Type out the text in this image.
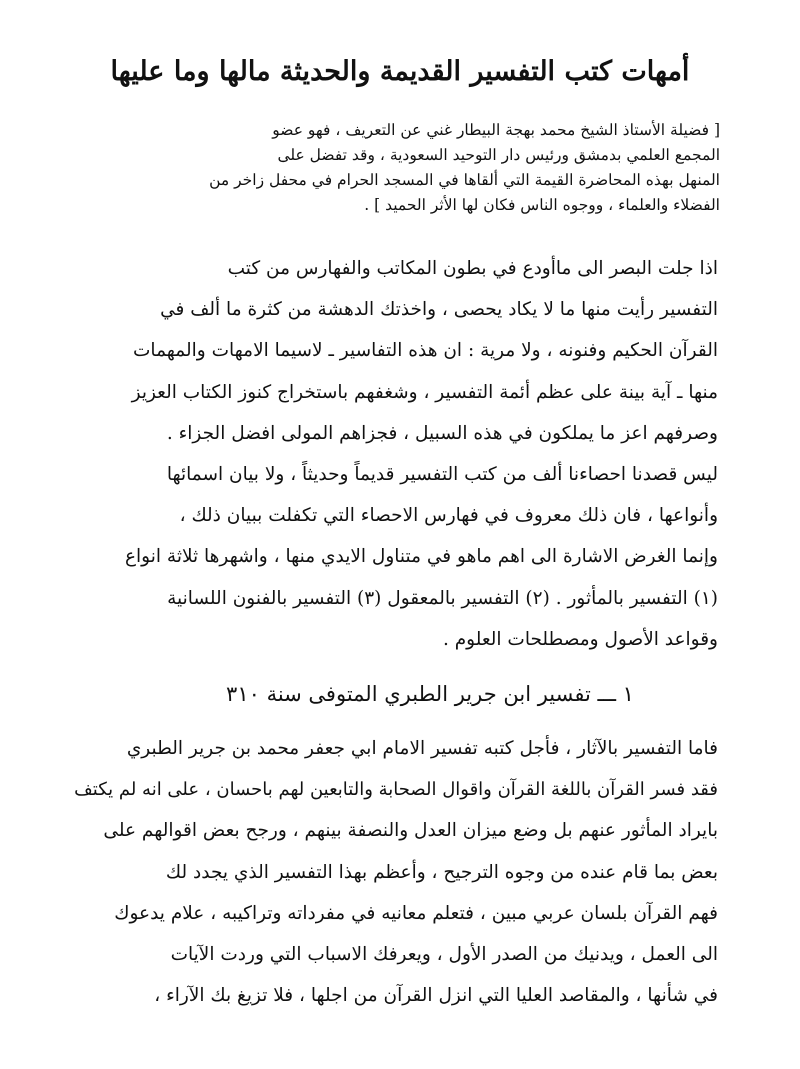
أمهات كتب التفسير القديمة والحديثة مالها وما عليها
[ فضيلة الأستاذ الشيخ محمد بهجة البيطار غني عن التعريف ، فهو عضو
المجمع العلمي بدمشق ورئيس دار التوحيد السعودية ، وقد تفضل على
المنهل بهذه المحاضرة القيمة التي ألقاها في المسجد الحرام في محفل زاخر من
الفضلاء والعلماء ، ووجوه الناس فكان لها الأثر الحميد ] .
اذا جلت البصر الى ماأودع في بطون المكاتب والفهارس من كتب
التفسير رأيت منها ما لا يكاد يحصى ، واخذتك الدهشة من كثرة ما ألف في
القرآن الحكيم وفنونه ، ولا مرية : ان هذه التفاسير ـ لاسيما الامهات والمهمات
منها ـ آية بينة على عظم أئمة التفسير ، وشغفهم باستخراج كنوز الكتاب العزيز
وصرفهم اعز ما يملكون في هذه السبيل ، فجزاهم المولى افضل الجزاء .
ليس قصدنا احصاءنا ألف من كتب التفسير قديماً وحديثاً ، ولا بيان اسمائها
وأنواعها ، فان ذلك معروف في فهارس الاحصاء التي تكفلت ببيان ذلك ،
وإنما الغرض الاشارة الى اهم ماهو في متناول الايدي منها ، واشهرها ثلاثة انواع
(١) التفسير بالمأثور . (٢) التفسير بالمعقول (٣) التفسير بالفنون اللسانية
وقواعد الأصول ومصطلحات العلوم .
١ ـــ تفسير ابن جرير الطبري المتوفى سنة ٣١٠
فاما التفسير بالآثار ، فأجل كتبه تفسير الامام ابي جعفر محمد بن جرير الطبري
فقد فسر القرآن باللغة القرآن واقوال الصحابة والتابعين لهم باحسان ، على انه لم يكتف
بايراد المأثور عنهم بل وضع ميزان العدل والنصفة بينهم ، ورجح بعض اقوالهم على
بعض بما قام عنده من وجوه الترجيح ، وأعظم بهذا التفسير الذي يجدد لك
فهم القرآن بلسان عربي مبين ، فتعلم معانيه في مفرداته وتراكيبه ، علام يدعوك
الى العمل ، ويدنيك من الصدر الأول ، ويعرفك الاسباب التي وردت الآيات
في شأنها ، والمقاصد العليا التي انزل القرآن من اجلها ، فلا تزيغ بك الآراء ،
